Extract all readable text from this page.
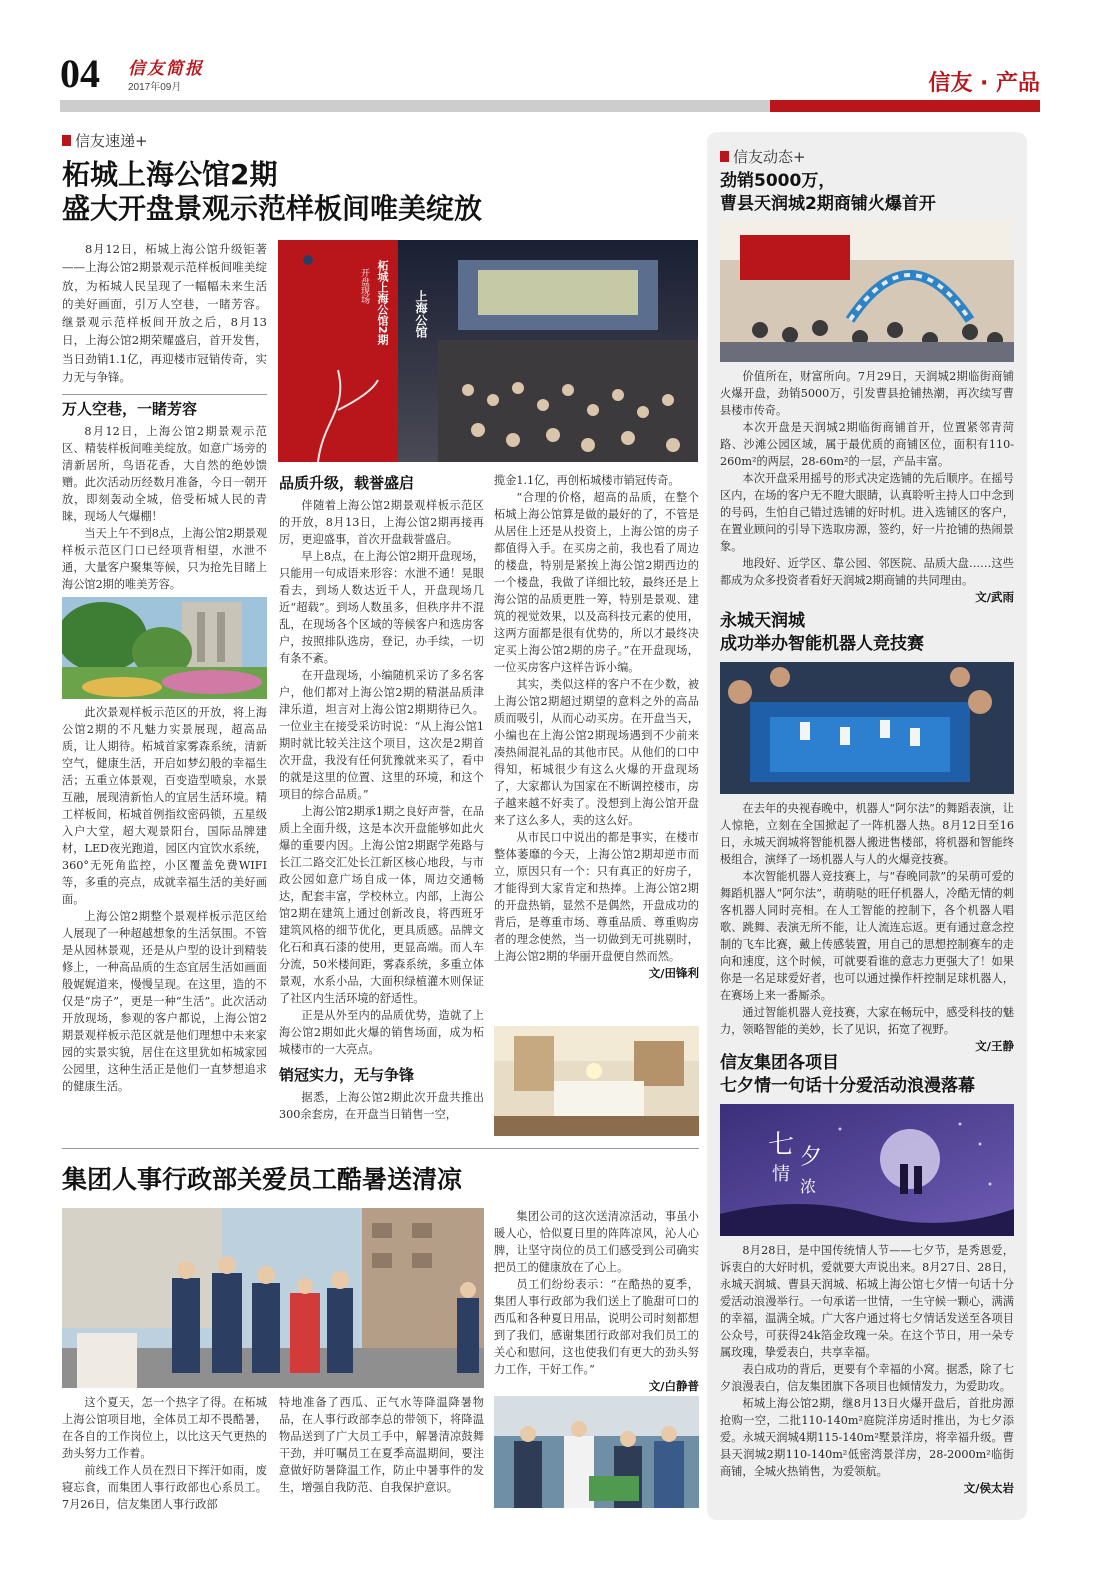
04 信友简报
2017年09月	信友 · 产品
信友速递+
柘城上海公馆2期
盛大开盘景观示范样板间唯美绽放
8月12日，柘城上海公馆升级钜著——上海公馆2期景观示范样板间唯美绽放，为柘城人民呈现了一幅幅未来生活的美好画面，引万人空巷，一睹芳容。继景观示范样板间开放之后，8月13日，上海公馆2期荣耀盛启，首开发售，当日劲销1.1亿，再迎楼市冠销传奇，实力无与争锋。
柘城上海公馆2期
开盘现场
上海公馆
万人空巷，一睹芳容
8月12日，上海公馆2期景观示范区、精装样板间唯美绽放。如意广场旁的清新居所，鸟语花香，大自然的绝妙馈赠。此次活动历经数月准备，今日一朝开放，即刻轰动全城，倍受柘城人民的青睐，现场人气爆棚！
当天上午不到8点，上海公馆2期景观样板示范区门口已经项背相望，水泄不通，大量客户聚集等候，只为抢先目睹上海公馆2期的唯美芳容。
此次景观样板示范区的开放，将上海公馆2期的不凡魅力实景展现，超高品质，让人期待。柘城首家雾森系统，清新空气，健康生活，开启如梦幻般的幸福生活；五重立体景观，百变造型喷泉，水景互融，展现清新怡人的宜居生活环境。精工样板间，柘城首例指纹密码锁，五星级入户大堂，超大观景阳台，国际品牌建材，LED夜光跑道，园区内宜饮水系统，360°无死角监控，小区覆盖免费WIFI等，多重的亮点，成就幸福生活的美好画面。
上海公馆2期整个景观样板示范区给人展现了一种超越想象的生活氛围。不管是从园林景观，还是从户型的设计到精装修上，一种高品质的生态宜居生活如画面般娓娓道来，慢慢呈现。在这里，造的不仅是“房子”，更是一种“生活”。此次活动开放现场，参观的客户都说，上海公馆2期景观样板示范区就是他们理想中未来家园的实景实貌，居住在这里犹如柘城家园公园里，这种生活正是他们一直梦想追求的健康生活。
品质升级，载誉盛启
伴随着上海公馆2期景观样板示范区的开放，8月13日，上海公馆2期再接再厉，更迎盛事，首次开盘载誉盛启。
早上8点，在上海公馆2期开盘现场，只能用一句成语来形容：水泄不通！晃眼看去，到场人数达近千人，开盘现场几近“超载”。到场人数虽多，但秩序井不混乱，在现场各个区域的等候客户和选房客户，按照排队选房，登记，办手续，一切有条不紊。
在开盘现场，小编随机采访了多名客户，他们都对上海公馆2期的精湛品质津津乐道，坦言对上海公馆2期期待已久。一位业主在接受采访时说：“从上海公馆1期时就比较关注这个项目，这次是2期首次开盘，我没有任何犹豫就来买了，看中的就是这里的位置、这里的环境，和这个项目的综合品质。”
上海公馆2期承1期之良好声誉，在品质上全面升级，这是本次开盘能够如此火爆的重要内因。上海公馆2期踞学苑路与长江二路交汇处长江新区核心地段，与市政公园如意广场自成一体，周边交通畅达，配套丰富，学校林立。内部，上海公馆2期在建筑上通过创新改良，将西班牙建筑风格的细节优化，更具质感。品牌文化石和真石漆的使用，更显高端。而人车分流，50米楼间距，雾森系统，多重立体景观，水系小品，大面积绿植灌木则保证了社区内生活环境的舒适性。
正是从外至内的品质优势，造就了上海公馆2期如此火爆的销售场面，成为柘城楼市的一大亮点。
销冠实力，无与争锋
据悉，上海公馆2期此次开盘共推出300余套房，在开盘当日销售一空，
揽金1.1亿，再创柘城楼市销冠传奇。
“合理的价格，超高的品质，在整个柘城上海公馆算是做的最好的了，不管是从居住上还是从投资上，上海公馆的房子都值得入手。在买房之前，我也看了周边的楼盘，特别是紧挨上海公馆2期西边的一个楼盘，我做了详细比较，最终还是上海公馆的品质更胜一筹，特别是景观、建筑的视觉效果，以及高科技元素的使用，这两方面都是很有优势的，所以才最终决定买上海公馆2期的房子。”在开盘现场，一位买房客户这样告诉小编。
其实，类似这样的客户不在少数，被上海公馆2期超过期望的意料之外的高品质而吸引，从而心动买房。在开盘当天，小编也在上海公馆2期现场遇到不少前来凑热闹混礼品的其他市民。从他们的口中得知，柘城很少有这么火爆的开盘现场了，大家都认为国家在不断调控楼市，房子越来越不好卖了。没想到上海公馆开盘来了这么多人，卖的这么好。
从市民口中说出的都是事实，在楼市整体萎靡的今天，上海公馆2期却逆市而立，原因只有一个：只有真正的好房子，才能得到大家肯定和热捧。上海公馆2期的开盘热销，显然不是偶然，开盘成功的背后，是尊重市场、尊重品质、尊重购房者的理念使然，当一切做到无可挑剔时，上海公馆2期的华丽开盘便自然而然。
文/田锋利
集团人事行政部关爱员工酷暑送清凉
集团公司的这次送清凉活动，事虽小暖人心，恰似夏日里的阵阵凉风，沁人心脾，让坚守岗位的员工们感受到公司确实把员工的健康放在了心上。
员工们纷纷表示：“在酷热的夏季，集团人事行政部为我们送上了脆甜可口的西瓜和各种夏日用品，说明公司时刻都想到了我们，感谢集团行政部对我们员工的关心和慰问，这也使我们有更大的劲头努力工作，干好工作。”
文/白静普
这个夏天，怎一个热字了得。在柘城上海公馆项目地，全体员工却不畏酷暑，在各自的工作岗位上，以比这天气更热的劲头努力工作着。
前线工作人员在烈日下挥汗如雨，废寝忘食，而集团人事行政部也心系员工。7月26日，信友集团人事行政部
特地准备了西瓜、正气水等降温降暑物品，在人事行政部李总的带领下，将降温物品送到了广大员工手中，解暑清凉鼓舞干劲，并叮嘱员工在夏季高温期间，要注意做好防暑降温工作，防止中暑事件的发生，增强自我防范、自我保护意识。
信友动态+
劲销5000万，
曹县天润城2期商铺火爆首开
价值所在，财富所向。7月29日，天润城2期临街商铺火爆开盘，劲销5000万，引发曹县抢铺热潮，再次续写曹县楼市传奇。
本次开盘是天润城2期临街商铺首开，位置紧邻青菏路、沙滩公园区域，属于最优质的商铺区位，面积有110-260m²的两层，28-60m²的一层，产品丰富。
本次开盘采用摇号的形式决定选铺的先后顺序。在摇号区内，在场的客户无不瞪大眼睛，认真聆听主持人口中念到的号码，生怕自己错过选铺的好时机。进入选铺区的客户，在置业顾问的引导下选取房源，签约，好一片抢铺的热闹景象。
地段好、近学区、靠公园、邻医院、品质大盘……这些都成为众多投资者看好天润城2期商铺的共同理由。
文/武雨
永城天润城
成功举办智能机器人竞技赛
在去年的央视春晚中，机器人“阿尔法”的舞蹈表演，让人惊艳，立刻在全国掀起了一阵机器人热。8月12日至16日，永城天润城将智能机器人搬进售楼部，将机器和智能终极组合，演绎了一场机器人与人的火爆竞技赛。
本次智能机器人竞技赛上，与“春晚同款”的呆萌可爱的舞蹈机器人“阿尔法”，萌萌哒的旺仔机器人，冷酷无情的刺客机器人同时亮相。在人工智能的控制下，各个机器人唱歌、跳舞、表演无所不能，让人流连忘返。更有通过意念控制的飞车比赛，戴上传感装置，用自己的思想控制赛车的走向和速度，这个时候，可就要看谁的意志力更强大了！如果你是一名足球爱好者，也可以通过操作杆控制足球机器人，在赛场上来一番厮杀。
通过智能机器人竞技赛，大家在畅玩中，感受科技的魅力，领略智能的美妙，长了见识，拓宽了视野。
文/王静
信友集团各项目
七夕情一句话十分爱活动浪漫落幕
七 夕
情
浓
8月28日，是中国传统情人节——七夕节，是秀恩爱，诉衷白的大好时机，爱就要大声说出来。8月27日、28日，永城天润城、曹县天润城、柘城上海公馆七夕情一句话十分爱活动浪漫举行。一句承诺一世情，一生守候一颗心，满满的幸福，温满全城。广大客户通过将七夕情话发送至各项目公众号，可获得24k箔金玫瑰一朵。在这个节日，用一朵专属玫瑰，挚爱表白，共享幸福。
表白成功的背后，更要有个幸福的小窝。据悉，除了七夕浪漫表白，信友集团旗下各项目也倾情发力，为爱助攻。
柘城上海公馆2期，继8月13日火爆开盘后，首批房源抢购一空，二批110-140m²庭院洋房适时推出，为七夕添爱。永城天润城4期115-140m²墅景洋房，将幸福升级。曹县天润城2期110-140m²低密湾景洋房，28-2000m²临街商铺，全城火热销售，为爱领航。
文/侯太岩
